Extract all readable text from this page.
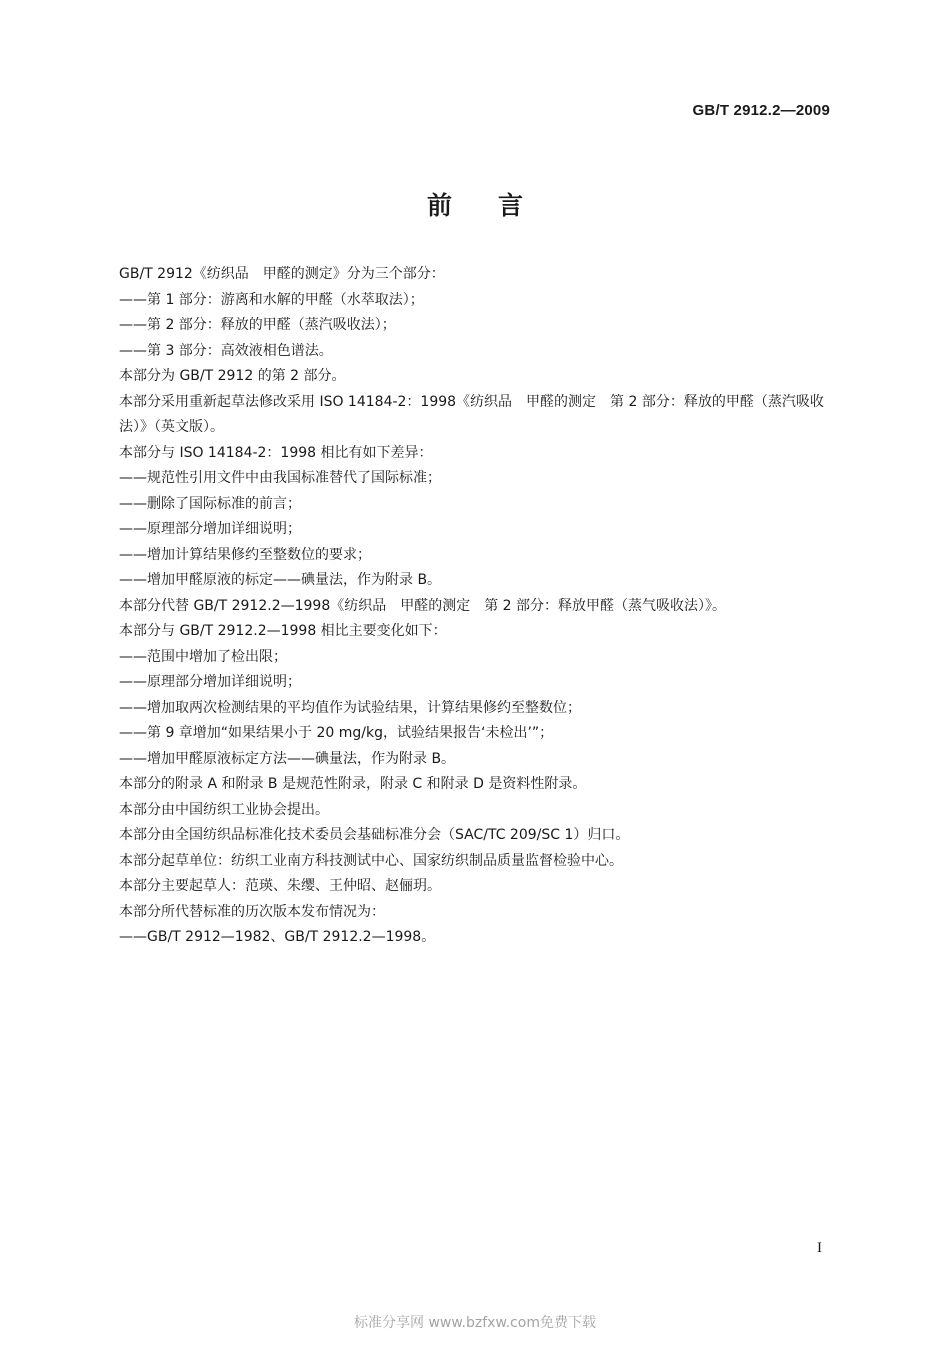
GB/T 2912.2—2009
前言

GB/T 2912《纺织品　甲醛的测定》分为三个部分：

——第 1 部分：游离和水解的甲醛（水萃取法）；

——第 2 部分：释放的甲醛（蒸汽吸收法）；

——第 3 部分：高效液相色谱法。

本部分为 GB/T 2912 的第 2 部分。

本部分采用重新起草法修改采用 ISO 14184-2：1998《纺织品　甲醛的测定　第 2 部分：释放的甲醛（蒸汽吸收法）》（英文版）。

本部分与 ISO 14184-2：1998 相比有如下差异：

——规范性引用文件中由我国标准替代了国际标准；

——删除了国际标准的前言；

——原理部分增加详细说明；

——增加计算结果修约至整数位的要求；

——增加甲醛原液的标定——碘量法，作为附录 B。

本部分代替 GB/T 2912.2—1998《纺织品　甲醛的测定　第 2 部分：释放甲醛（蒸气吸收法）》。

本部分与 GB/T 2912.2—1998 相比主要变化如下：

——范围中增加了检出限；

——原理部分增加详细说明；

——增加取两次检测结果的平均值作为试验结果，计算结果修约至整数位；

——第 9 章增加“如果结果小于 20 mg/kg，试验结果报告‘未检出’”；

——增加甲醛原液标定方法——碘量法，作为附录 B。

本部分的附录 A 和附录 B 是规范性附录，附录 C 和附录 D 是资料性附录。

本部分由中国纺织工业协会提出。

本部分由全国纺织品标准化技术委员会基础标准分会（SAC/TC 209/SC 1）归口。

本部分起草单位：纺织工业南方科技测试中心、国家纺织制品质量监督检验中心。

本部分主要起草人：范瑛、朱缨、王仲昭、赵俪玥。

本部分所代替标准的历次版本发布情况为：

——GB/T 2912—1982、GB/T 2912.2—1998。

I
标准分享网 www.bzfxw.com免费下载
